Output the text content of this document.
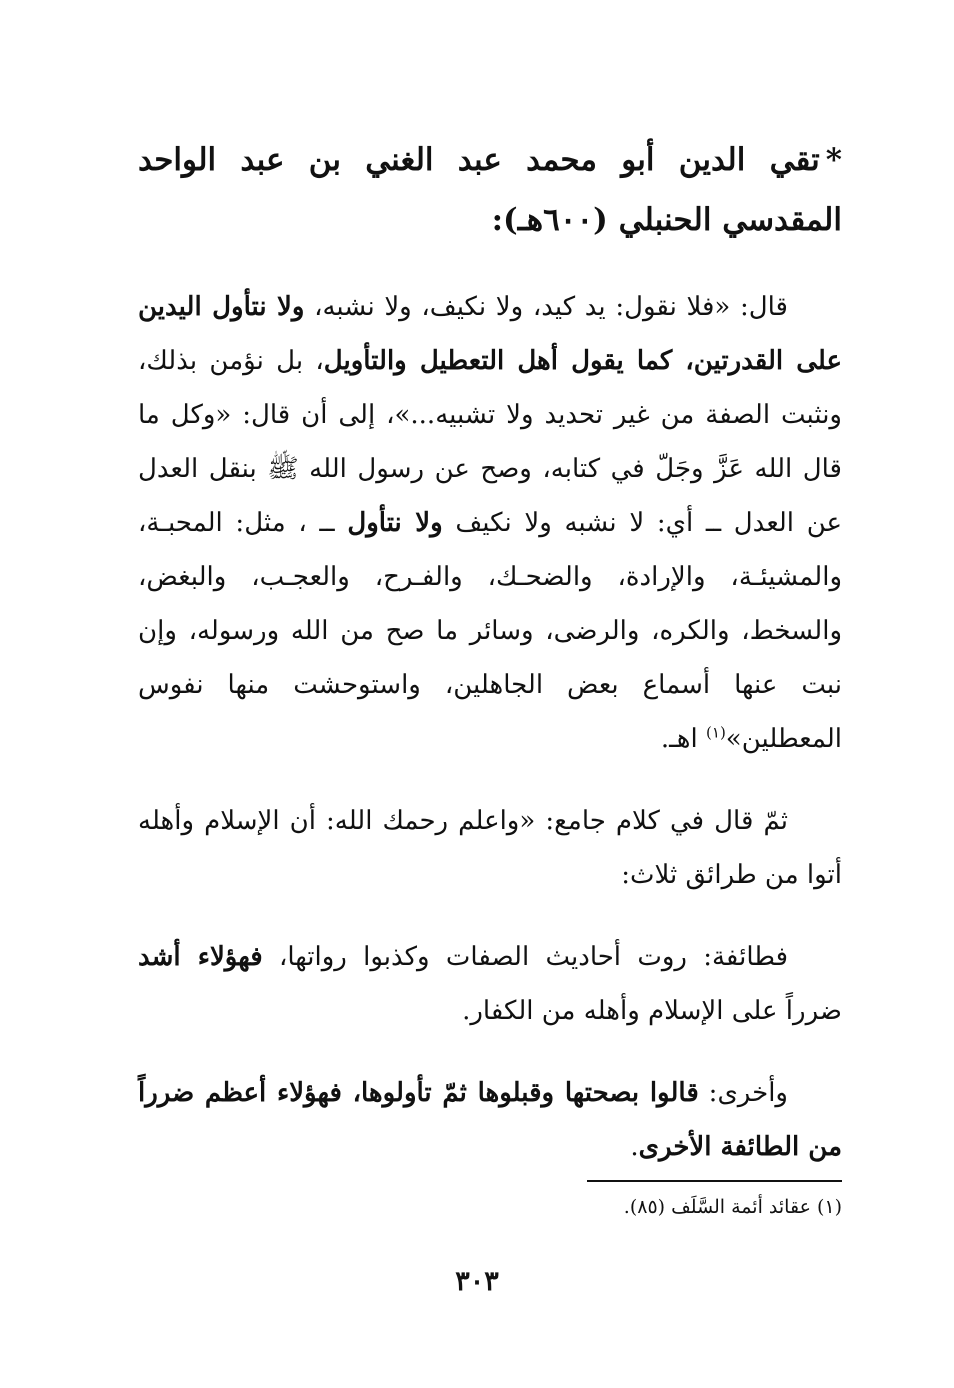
*تقي الدين أبو محمد عبد الغني بن عبد الواحد المقدسي الحنبلي (٦٠٠هـ):

قال: «فلا نقول: يد كيد، ولا نكيف، ولا نشبه، ولا نتأول اليدين على القدرتين، كما يقول أهل التعطيل والتأويل، بل نؤمن بذلك، ونثبت الصفة من غير تحديد ولا تشبيه...»، إلى أن قال: «وكل ما قال الله عَزَّ وجَلّ في كتابه، وصح عن رسول الله ﷺ بنقل العدل عن العدل ــ أي: لا نشبه ولا نكيف ولا نتأول ــ ، مثل: المحبـة، والمشيئـة، والإرادة، والضحـك، والفـرح، والعجـب، والبغض، والسخط، والكره، والرضى، وسائر ما صح من الله ورسوله، وإن نبت عنها أسماع بعض الجاهلين، واستوحشت منها نفوس المعطلين»$^{(١)}$ اهـ.

ثمّ قال في كلام جامع: «واعلم رحمك الله: أن الإسلام وأهله أتوا من طرائق ثلاث:

فطائفة: روت أحاديث الصفات وكذبوا رواتها، فهؤلاء أشد ضرراً على الإسلام وأهله من الكفار.

وأخرى: قالوا بصحتها وقبلوها ثمّ تأولوها، فهؤلاء أعظم ضرراً من الطائفة الأخرى.

(١) عقائد أئمة السَّلَف (٨٥).
٣٠٣
